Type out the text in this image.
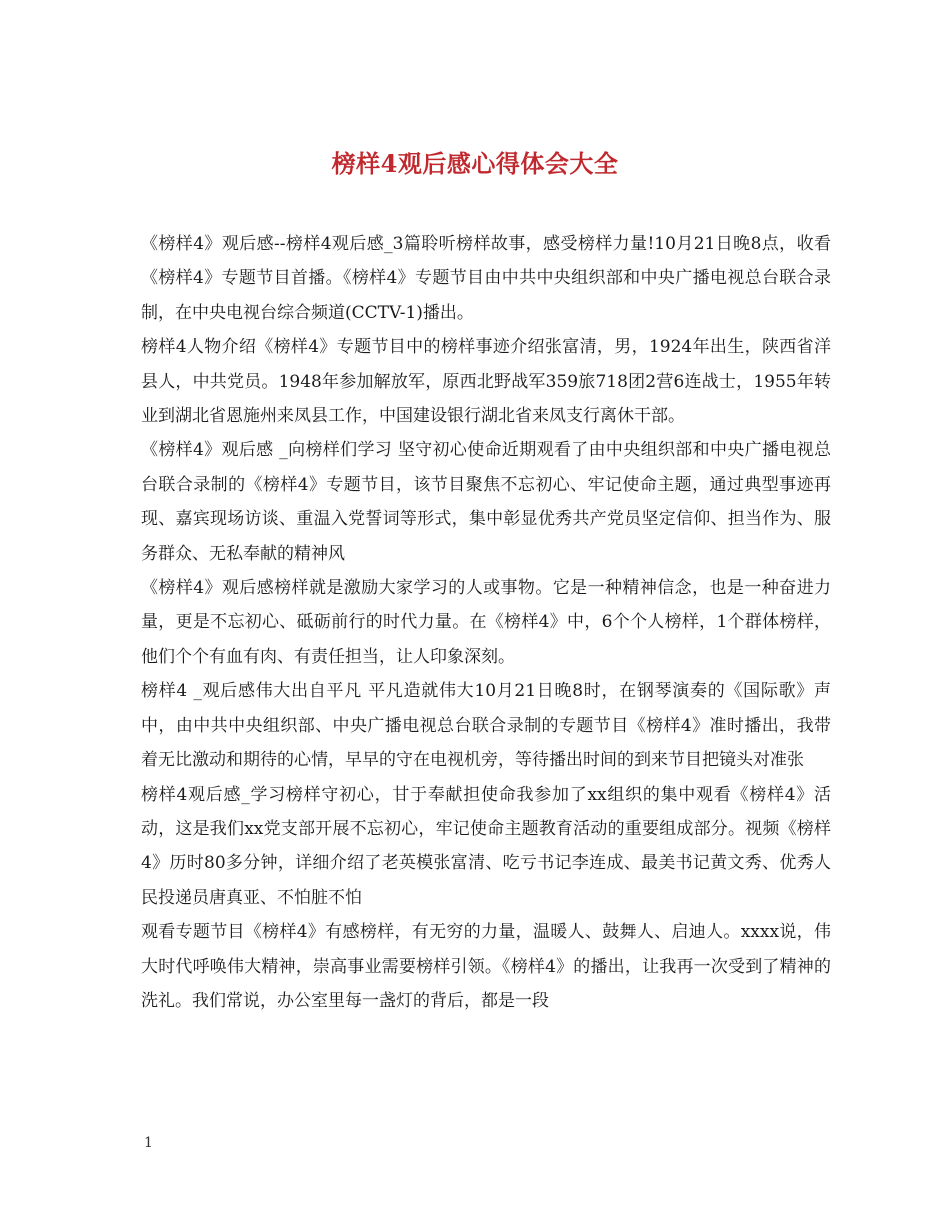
榜样4观后感心得体会大全

《榜样4》观后感--榜样4观后感_3篇聆听榜样故事，感受榜样力量!10月21日晚8点，收看《榜样4》专题节目首播。《榜样4》专题节目由中共中央组织部和中央广播电视总台联合录制，在中央电视台综合频道(CCTV-1)播出。

榜样4人物介绍《榜样4》专题节目中的榜样事迹介绍张富清，男，1924年出生，陕西省洋县人，中共党员。1948年参加解放军，原西北野战军359旅718团2营6连战士，1955年转业到湖北省恩施州来凤县工作，中国建设银行湖北省来凤支行离休干部。

《榜样4》观后感 _向榜样们学习 坚守初心使命近期观看了由中央组织部和中央广播电视总台联合录制的《榜样4》专题节目，该节目聚焦不忘初心、牢记使命主题，通过典型事迹再现、嘉宾现场访谈、重温入党誓词等形式，集中彰显优秀共产党员坚定信仰、担当作为、服务群众、无私奉献的精神风

《榜样4》观后感榜样就是激励大家学习的人或事物。它是一种精神信念，也是一种奋进力量，更是不忘初心、砥砺前行的时代力量。在《榜样4》中，6个个人榜样，1个群体榜样，他们个个有血有肉、有责任担当，让人印象深刻。

榜样4 _观后感伟大出自平凡 平凡造就伟大10月21日晚8时，在钢琴演奏的《国际歌》声中，由中共中央组织部、中央广播电视总台联合录制的专题节目《榜样4》准时播出，我带着无比激动和期待的心情，早早的守在电视机旁，等待播出时间的到来节目把镜头对准张

榜样4观后感_学习榜样守初心，甘于奉献担使命我参加了xx组织的集中观看《榜样4》活动，这是我们xx党支部开展不忘初心，牢记使命主题教育活动的重要组成部分。视频《榜样4》历时80多分钟，详细介绍了老英模张富清、吃亏书记李连成、最美书记黄文秀、优秀人民投递员唐真亚、不怕脏不怕

观看专题节目《榜样4》有感榜样，有无穷的力量，温暖人、鼓舞人、启迪人。xxxx说，伟大时代呼唤伟大精神，崇高事业需要榜样引领。《榜样4》的播出，让我再一次受到了精神的洗礼。我们常说，办公室里每一盏灯的背后，都是一段

1
